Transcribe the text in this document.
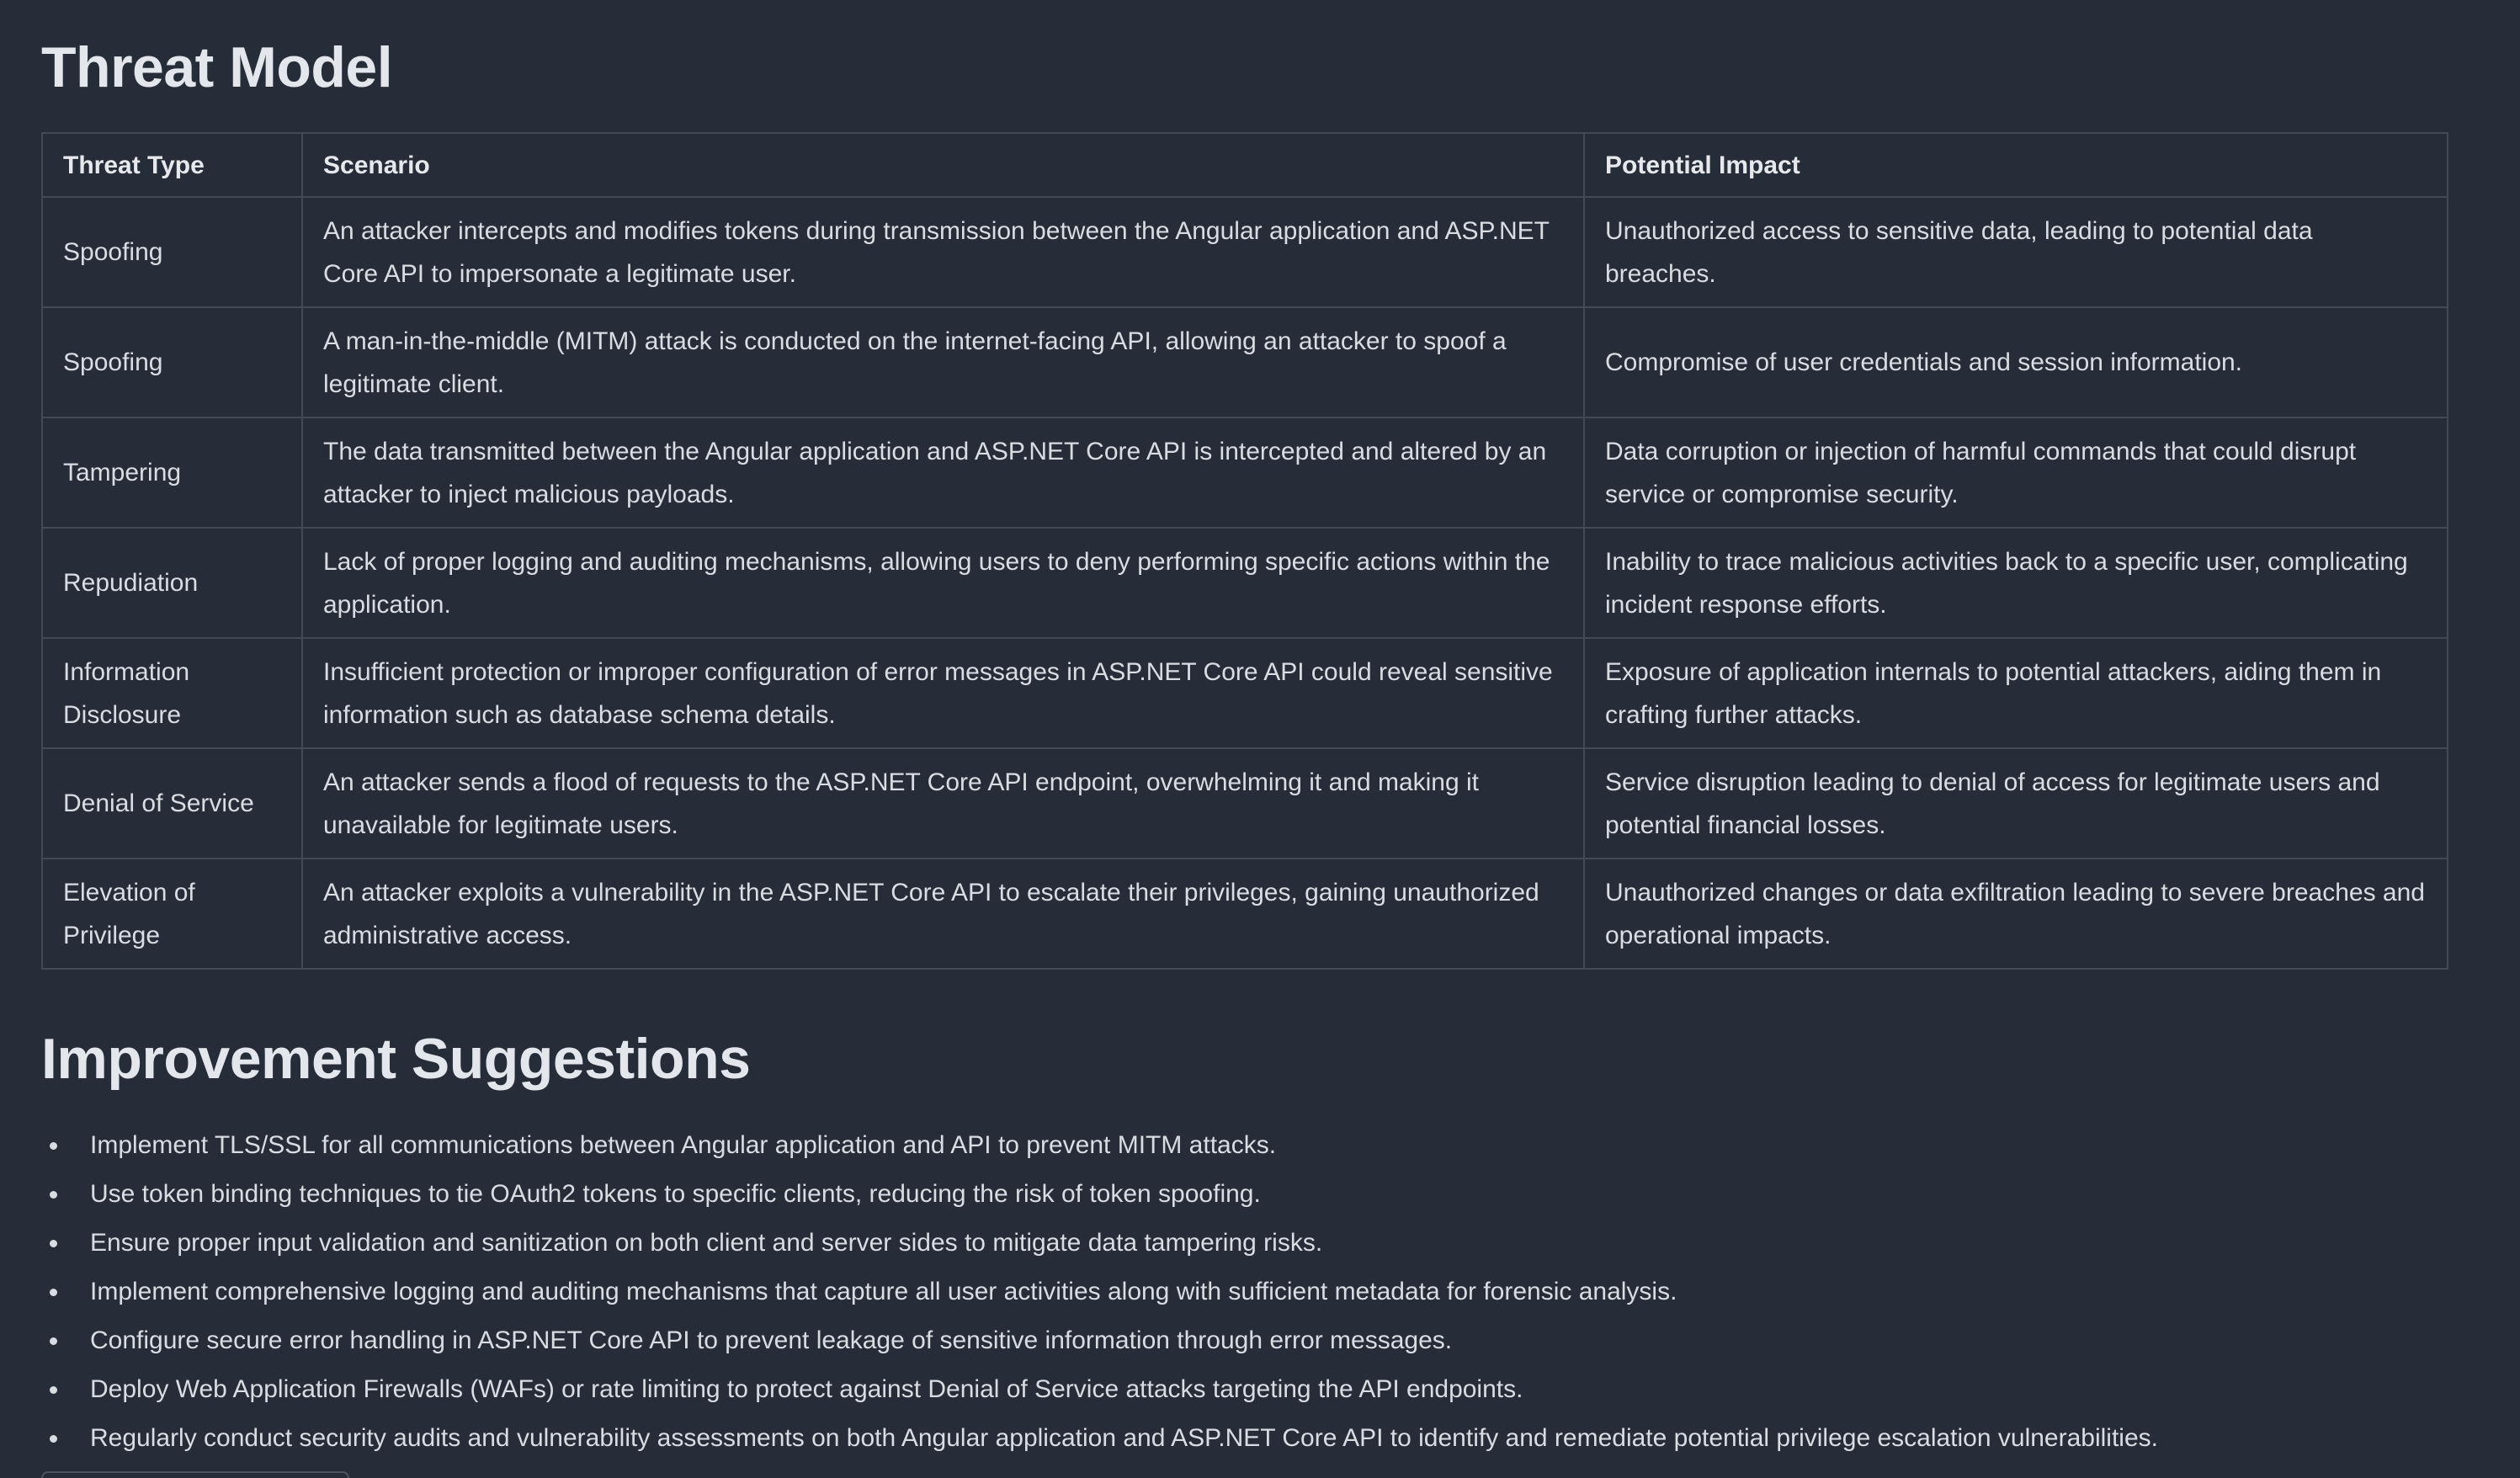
Threat Model
Threat Type	Scenario	Potential Impact
Spoofing	An attacker intercepts and modifies tokens during transmission between the Angular application and ASP.NET Core API to impersonate a legitimate user.	Unauthorized access to sensitive data, leading to potential data breaches.
Spoofing	A man-in-the-middle (MITM) attack is conducted on the internet-facing API, allowing an attacker to spoof a legitimate client.	Compromise of user credentials and session information.
Tampering	The data transmitted between the Angular application and ASP.NET Core API is intercepted and altered by an attacker to inject malicious payloads.	Data corruption or injection of harmful commands that could disrupt service or compromise security.
Repudiation	Lack of proper logging and auditing mechanisms, allowing users to deny performing specific actions within the application.	Inability to trace malicious activities back to a specific user, complicating incident response efforts.
Information Disclosure	Insufficient protection or improper configuration of error messages in ASP.NET Core API could reveal sensitive information such as database schema details.	Exposure of application internals to potential attackers, aiding them in crafting further attacks.
Denial of Service	An attacker sends a flood of requests to the ASP.NET Core API endpoint, overwhelming it and making it unavailable for legitimate users.	Service disruption leading to denial of access for legitimate users and potential financial losses.
Elevation of Privilege	An attacker exploits a vulnerability in the ASP.NET Core API to escalate their privileges, gaining unauthorized administrative access.	Unauthorized changes or data exfiltration leading to severe breaches and operational impacts.
Improvement Suggestions
Implement TLS/SSL for all communications between Angular application and API to prevent MITM attacks.
Use token binding techniques to tie OAuth2 tokens to specific clients, reducing the risk of token spoofing.
Ensure proper input validation and sanitization on both client and server sides to mitigate data tampering risks.
Implement comprehensive logging and auditing mechanisms that capture all user activities along with sufficient metadata for forensic analysis.
Configure secure error handling in ASP.NET Core API to prevent leakage of sensitive information through error messages.
Deploy Web Application Firewalls (WAFs) or rate limiting to protect against Denial of Service attacks targeting the API endpoints.
Regularly conduct security audits and vulnerability assessments on both Angular application and ASP.NET Core API to identify and remediate potential privilege escalation vulnerabilities.
